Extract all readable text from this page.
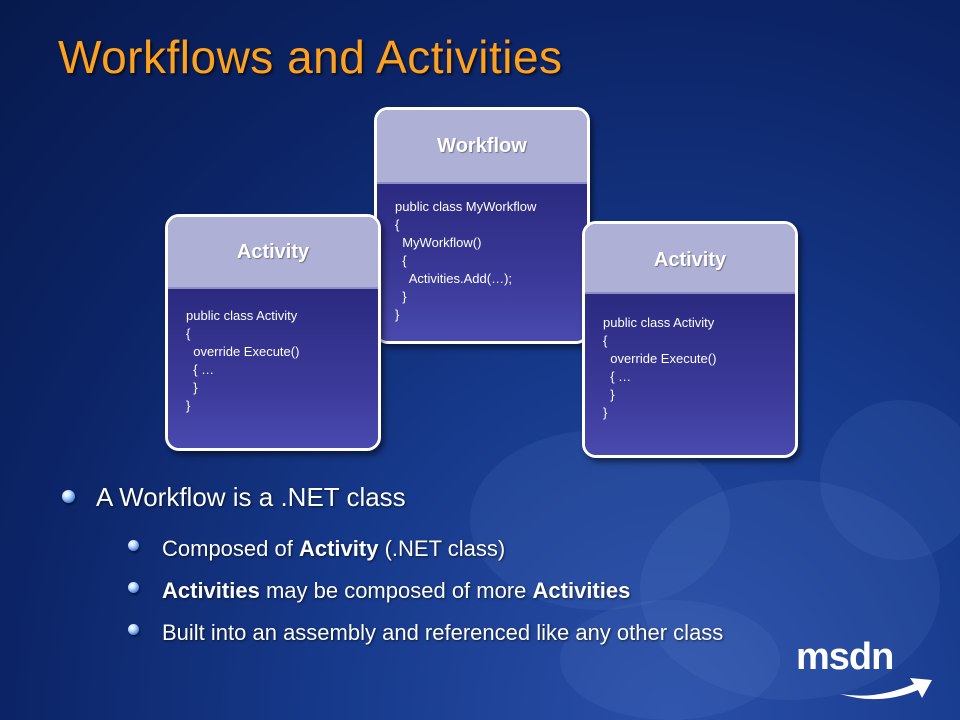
Workflows and Activities
Workflow
public class MyWorkflow
{
MyWorkflow()
{
Activities.Add(…);
}
}
Activity
public class Activity
{
override Execute()
{ …
}
}
Activity
public class Activity
{
override Execute()
{ …
}
}
A Workflow is a .NET class
Composed of Activity (.NET class)
Activities may be composed of more Activities
Built into an assembly and referenced like any other class
msdn
